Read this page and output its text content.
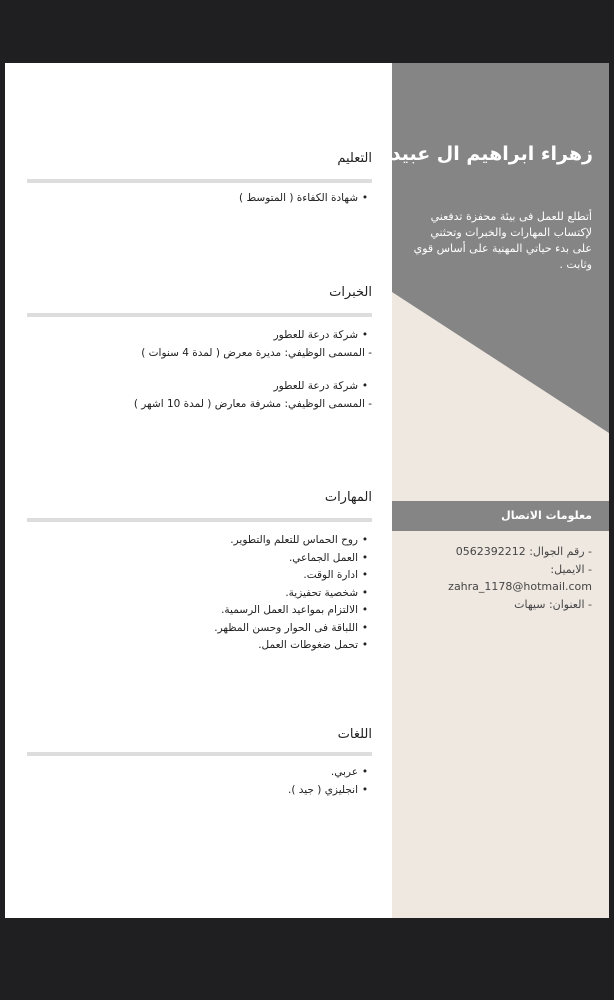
زهراء ابراهيم ال عبيد

أتطلع للعمل فى بيئة محفزة تدفعني لإكتساب المهارات والخبرات وتحثني على بدء حياتي المهنية على أساس قوي وثابت .

معلومات الاتصال
- رقم الجوال: 0562392212
- الايميل:
zahra_1178@hotmail.com
- العنوان: سيهات
التعليم
•شهادة الكفاءة ( المتوسط )
الخبرات
•شركة درعة للعطور
- المسمى الوظيفي: مديرة معرض ( لمدة 4 سنوات )
•شركة درعة للعطور
- المسمى الوظيفي: مشرفة معارض ( لمدة 10 اشهر )
المهارات
•روح الحماس للتعلم والتطوير.
•العمل الجماعي.
•ادارة الوقت.
•شخصية تحفيزية.
•الالتزام بمواعيد العمل الرسمية.
•اللباقة فى الحوار وحسن المظهر.
•تحمل ضغوطات العمل.
اللغات
•عربي.
•انجليزي ( جيد ).
